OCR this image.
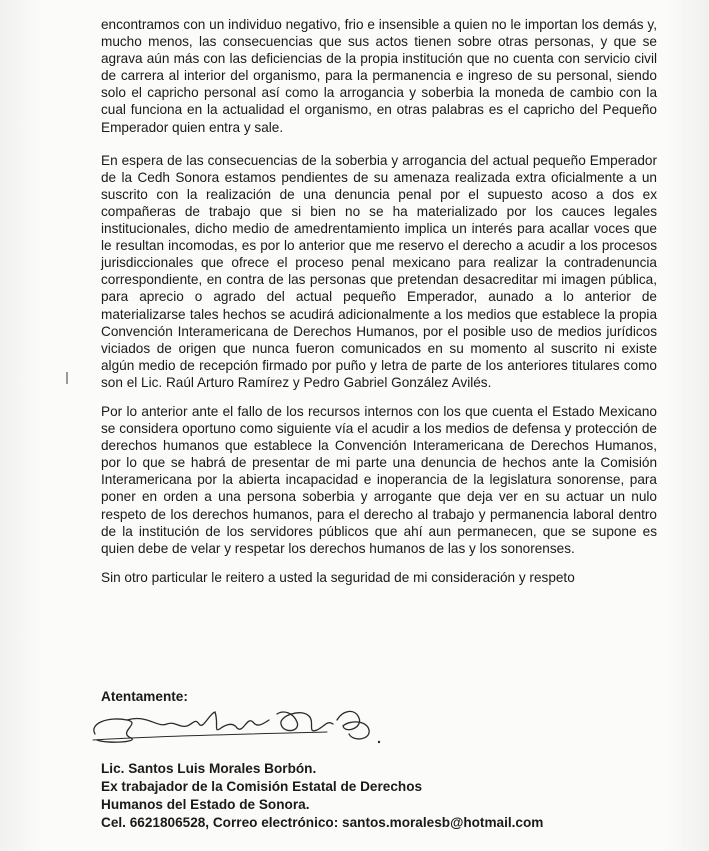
encontramos con un individuo negativo, frio e insensible a quien no le importan los demás y, mucho menos, las consecuencias que sus actos tienen sobre otras personas, y que se agrava aún más con las deficiencias de la propia institución que no cuenta con servicio civil de carrera al interior del organismo, para la permanencia e ingreso de su personal, siendo solo el capricho personal así como la arrogancia y soberbia la moneda de cambio con la cual funciona en la actualidad el organismo, en otras palabras es el capricho del Pequeño Emperador quien entra y sale.

En espera de las consecuencias de la soberbia y arrogancia del actual pequeño Emperador de la Cedh Sonora estamos pendientes de su amenaza realizada extra oficialmente a un suscrito con la realización de una denuncia penal por el supuesto acoso a dos ex compañeras de trabajo que si bien no se ha materializado por los cauces legales institucionales, dicho medio de amedrentamiento implica un interés para acallar voces que le resultan incomodas, es por lo anterior que me reservo el derecho a acudir a los procesos jurisdiccionales que ofrece el proceso penal mexicano para realizar la contradenuncia correspondiente, en contra de las personas que pretendan desacreditar mi imagen pública, para aprecio o agrado del actual pequeño Emperador, aunado a lo anterior de materializarse tales hechos se acudirá adicionalmente a los medios que establece la propia Convención Interamericana de Derechos Humanos, por el posible uso de medios jurídicos viciados de origen que nunca fueron comunicados en su momento al suscrito ni existe algún medio de recepción firmado por puño y letra de parte de los anteriores titulares como son el Lic. Raúl Arturo Ramírez y Pedro Gabriel González Avilés.

Por lo anterior ante el fallo de los recursos internos con los que cuenta el Estado Mexicano se considera oportuno como siguiente vía el acudir a los medios de defensa y protección de derechos humanos que establece la Convención Interamericana de Derechos Humanos, por lo que se habrá de presentar de mi parte una denuncia de hechos ante la Comisión Interamericana por la abierta incapacidad e inoperancia de la legislatura sonorense, para poner en orden a una persona soberbia y arrogante que deja ver en su actuar un nulo respeto de los derechos humanos, para el derecho al trabajo y permanencia laboral dentro de la institución de los servidores públicos que ahí aun permanecen, que se supone es quien debe de velar y respetar los derechos humanos de las y los sonorenses.

Sin otro particular le reitero a usted la seguridad de mi consideración y respeto

Atentamente:

Lic. Santos Luis Morales Borbón.

Ex trabajador de la Comisión Estatal de Derechos

Humanos del Estado de Sonora.

Cel. 6621806528, Correo electrónico: santos.moralesb@hotmail.com
